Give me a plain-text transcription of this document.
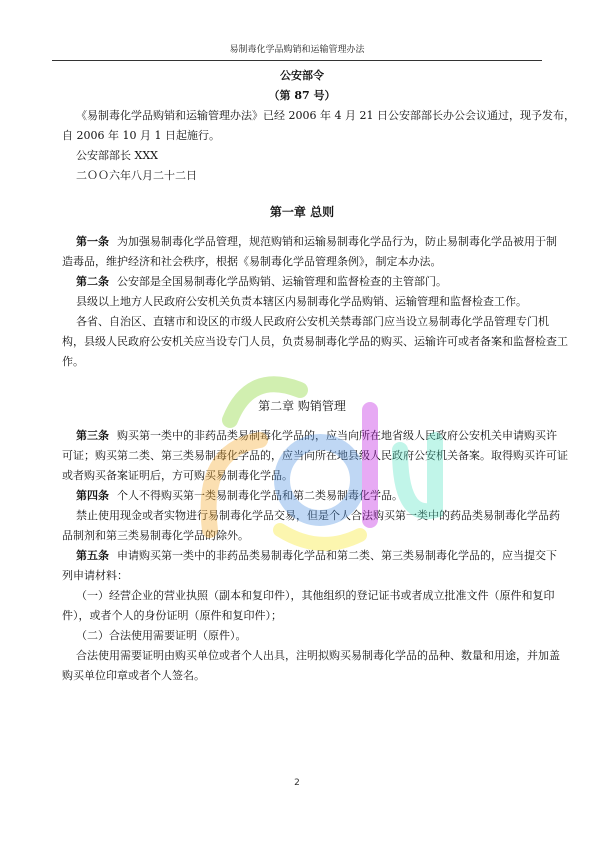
易制毒化学品购销和运输管理办法
公安部令
（第 87 号）
《易制毒化学品购销和运输管理办法》已经 2006 年 4 月 21 日公安部部长办公会议通过，现予发布，
自 2006 年 10 月 1 日起施行。
公安部部长 XXX
二ＯＯ六年八月二十二日
第一章 总则
第一条 为加强易制毒化学品管理，规范购销和运输易制毒化学品行为，防止易制毒化学品被用于制
造毒品，维护经济和社会秩序，根据《易制毒化学品管理条例》，制定本办法。
第二条 公安部是全国易制毒化学品购销、运输管理和监督检查的主管部门。
县级以上地方人民政府公安机关负责本辖区内易制毒化学品购销、运输管理和监督检查工作。
各省、自治区、直辖市和设区的市级人民政府公安机关禁毒部门应当设立易制毒化学品管理专门机
构，县级人民政府公安机关应当设专门人员，负责易制毒化学品的购买、运输许可或者备案和监督检查工
作。
第二章 购销管理
第三条 购买第一类中的非药品类易制毒化学品的，应当向所在地省级人民政府公安机关申请购买许
可证；购买第二类、第三类易制毒化学品的，应当向所在地县级人民政府公安机关备案。取得购买许可证
或者购买备案证明后，方可购买易制毒化学品。
第四条 个人不得购买第一类易制毒化学品和第二类易制毒化学品。
禁止使用现金或者实物进行易制毒化学品交易，但是个人合法购买第一类中的药品类易制毒化学品药
品制剂和第三类易制毒化学品的除外。
第五条 申请购买第一类中的非药品类易制毒化学品和第二类、第三类易制毒化学品的，应当提交下
列申请材料：
（一）经营企业的营业执照（副本和复印件），其他组织的登记证书或者成立批准文件（原件和复印
件），或者个人的身份证明（原件和复印件）；
（二）合法使用需要证明（原件）。
合法使用需要证明由购买单位或者个人出具，注明拟购买易制毒化学品的品种、数量和用途，并加盖
购买单位印章或者个人签名。
2
